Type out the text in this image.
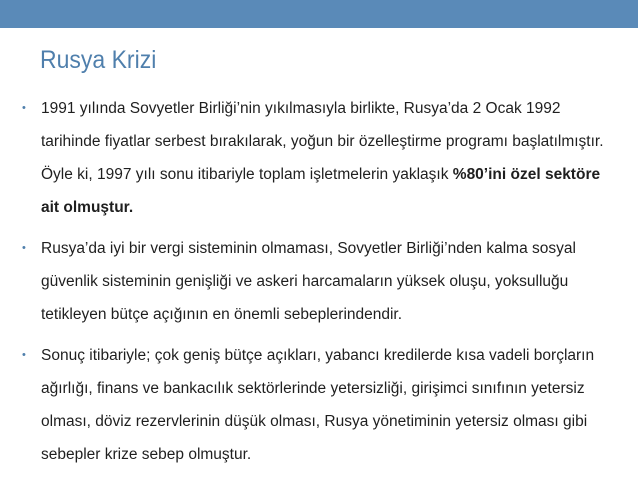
Rusya Krizi
• 1991 yılında Sovyetler Birliği’nin yıkılmasıyla birlikte, Rusya’da 2 Ocak 1992 tarihinde fiyatlar serbest bırakılarak, yoğun bir özelleştirme programı başlatılmıştır. Öyle ki, 1997 yılı sonu itibariyle toplam işletmelerin yaklaşık %80’ini özel sektöre ait olmuştur.
• Rusya’da iyi bir vergi sisteminin olmaması, Sovyetler Birliği’nden kalma sosyal güvenlik sisteminin genişliği ve askeri harcamaların yüksek oluşu, yoksulluğu tetikleyen bütçe açığının en önemli sebeplerindendir.
• Sonuç itibariyle; çok geniş bütçe açıkları, yabancı kredilerde kısa vadeli borçların ağırlığı, finans ve bankacılık sektörlerinde yetersizliği, girişimci sınıfının yetersiz olması, döviz rezervlerinin düşük olması, Rusya yönetiminin yetersiz olması gibi sebepler krize sebep olmuştur.
